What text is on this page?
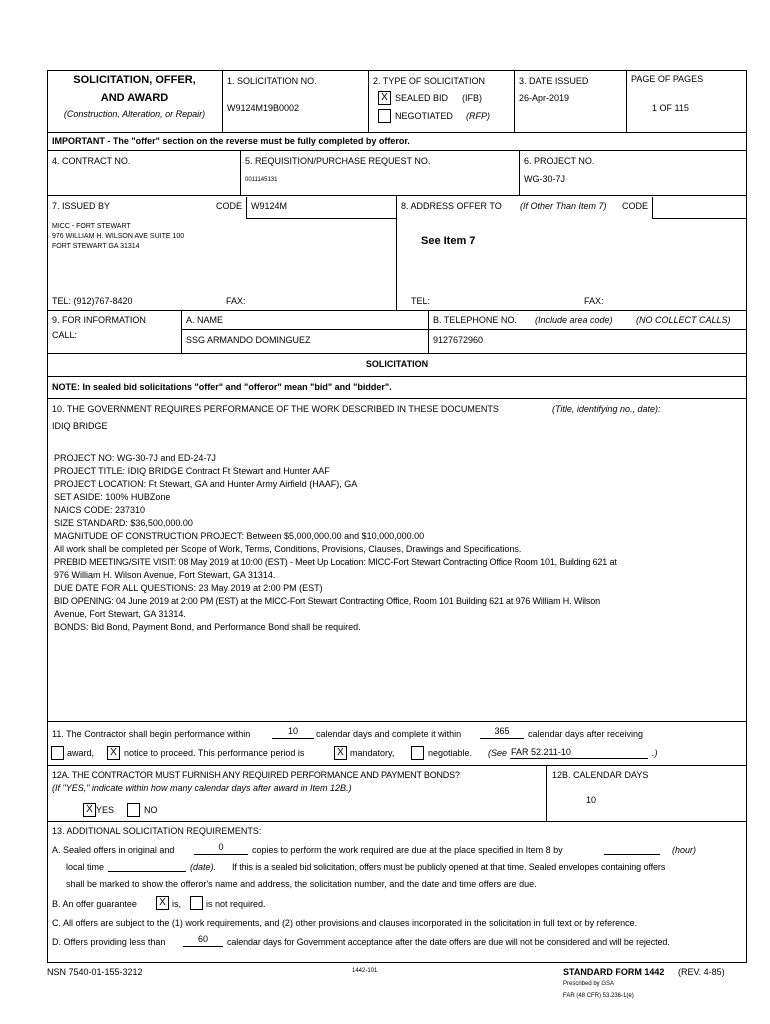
SOLICITATION, OFFER,
AND AWARD
(Construction, Alteration, or Repair)
1. SOLICITATION NO.
W9124M19B0002
2. TYPE OF SOLICITATION
X SEALED BID (IFB)
NEGOTIATED (RFP)
3. DATE ISSUED
26-Apr-2019
PAGE OF PAGES
1 OF 115
IMPORTANT - The "offer" section on the reverse must be fully completed by offeror.
4. CONTRACT NO.	5. REQUISITION/PURCHASE REQUEST NO.
0011145131
6. PROJECT NO.
WG-30-7J
7. ISSUED BY	CODE W9124M
MICC - FORT STEWART
976 WILLIAM H. WILSON AVE SUITE 100
FORT STEWART GA 31314
TEL: (912)767-8420	FAX:
8. ADDRESS OFFER TO (If Other Than Item 7) CODE
See Item 7
TEL:	FAX:
9. FOR INFORMATION
CALL:
A. NAME
SSG ARMANDO DOMINGUEZ
B. TELEPHONE NO. (Include area code)	(NO COLLECT CALLS)
9127672960
SOLICITATION
NOTE: In sealed bid solicitations "offer" and "offeror" mean "bid" and "bidder".
10. THE GOVERNMENT REQUIRES PERFORMANCE OF THE WORK DESCRIBED IN THESE DOCUMENTS	(Title, identifying no., date):
IDIQ BRIDGE
PROJECT NO: WG-30-7J and ED-24-7J
PROJECT TITLE: IDIQ BRIDGE Contract Ft Stewart and Hunter AAF
PROJECT LOCATION: Ft Stewart, GA and Hunter Army Airfield (HAAF), GA
SET ASIDE: 100% HUBZone
NAICS CODE: 237310
SIZE STANDARD: $36,500,000.00
MAGNITUDE OF CONSTRUCTION PROJECT: Between $5,000,000.00 and $10,000,000.00
All work shall be completed per Scope of Work, Terms, Conditions, Provisions, Clauses, Drawings and Specifications.
PREBID MEETING/SITE VISIT: 08 May 2019 at 10:00 (EST) - Meet Up Location: MICC-Fort Stewart Contracting Office Room 101, Building 621 at
976 William H. Wilson Avenue, Fort Stewart, GA 31314.
DUE DATE FOR ALL QUESTIONS: 23 May 2019 at 2:00 PM (EST)
BID OPENING: 04 June 2019 at 2:00 PM (EST) at the MICC-Fort Stewart Contracting Office, Room 101 Building 621 at 976 William H. Wilson
Avenue, Fort Stewart, GA 31314.
BONDS: Bid Bond, Payment Bond, and Performance Bond shall be required.
11. The Contractor shall begin performance within	10	calendar days and complete it within	365	calendar days after receiving
award,	X notice to proceed. This performance period is	X mandatory,	negotiable. (See FAR 52.211-10	.)
12A. THE CONTRACTOR MUST FURNISH ANY REQUIRED PERFORMANCE AND PAYMENT BONDS?
(If "YES," indicate within how many calendar days after award in Item 12B.)
X YES	NO
12B. CALENDAR DAYS
10
13. ADDITIONAL SOLICITATION REQUIREMENTS:
A. Sealed offers in original and	0	copies to perform the work required are due at the place specified in Item 8 by	(hour)
local time	(date). If this is a sealed bid solicitation, offers must be publicly opened at that time. Sealed envelopes containing offers
shall be marked to show the offeror's name and address, the solicitation number, and the date and time offers are due.
B. An offer guarantee	X is,	is not required.
C. All offers are subject to the (1) work requirements, and (2) other provisions and clauses incorporated in the solicitation in full text or by reference.
D. Offers providing less than	60	calendar days for Government acceptance after the date offers are due will not be considered and will be rejected.
NSN 7540-01-155-3212	1442-101	STANDARD FORM 1442 (REV. 4-85)
Prescribed by GSA
FAR (48 CFR) 53.236-1(e)
